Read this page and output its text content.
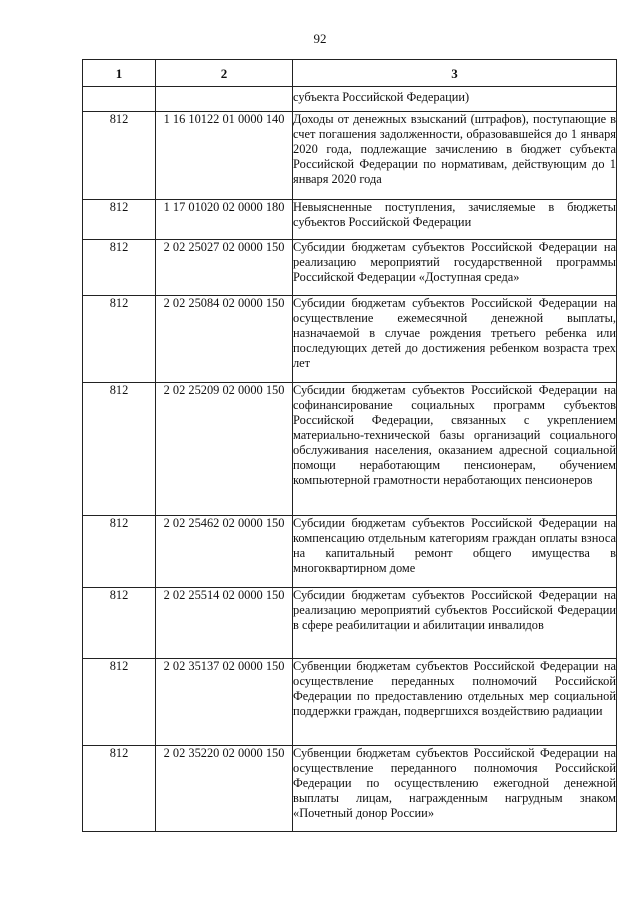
92
1	2	3
		субъекта Российской Федерации)
812	1 16 10122 01 0000 140	Доходы от денежных взысканий (штрафов), поступающие в счет погашения задолженности, образовавшейся до 1 января 2020 года, подлежащие зачислению в бюджет субъекта Российской Федерации по нормативам, действующим до 1 января 2020 года
812	1 17 01020 02 0000 180	Невыясненные поступления, зачисляемые в бюджеты субъектов Российской Федерации
812	2 02 25027 02 0000 150	Субсидии бюджетам субъектов Российской Федерации на реализацию мероприятий государственной программы Российской Федерации «Доступная среда»
812	2 02 25084 02 0000 150	Субсидии бюджетам субъектов Российской Федерации на осуществление ежемесячной денежной выплаты, назначаемой в случае рождения третьего ребенка или последующих детей до достижения ребенком возраста трех лет
812	2 02 25209 02 0000 150	Субсидии бюджетам субъектов Российской Федерации на софинансирование социальных программ субъектов Российской Федерации, связанных с укреплением материально-технической базы организаций социального обслуживания населения, оказанием адресной социальной помощи неработающим пенсионерам, обучением компьютерной грамотности неработающих пенсионеров
812	2 02 25462 02 0000 150	Субсидии бюджетам субъектов Российской Федерации на компенсацию отдельным категориям граждан оплаты взноса на капитальный ремонт общего имущества в многоквартирном доме
812	2 02 25514 02 0000 150	Субсидии бюджетам субъектов Российской Федерации на реализацию мероприятий субъектов Российской Федерации в сфере реабилитации и абилитации инвалидов
812	2 02 35137 02 0000 150	Субвенции бюджетам субъектов Российской Федерации на осуществление переданных полномочий Российской Федерации по предоставлению отдельных мер социальной поддержки граждан, подвергшихся воздействию радиации
812	2 02 35220 02 0000 150	Субвенции бюджетам субъектов Российской Федерации на осуществление переданного полномочия Российской Федерации по осуществлению ежегодной денежной выплаты лицам, награжденным нагрудным знаком «Почетный донор России»
